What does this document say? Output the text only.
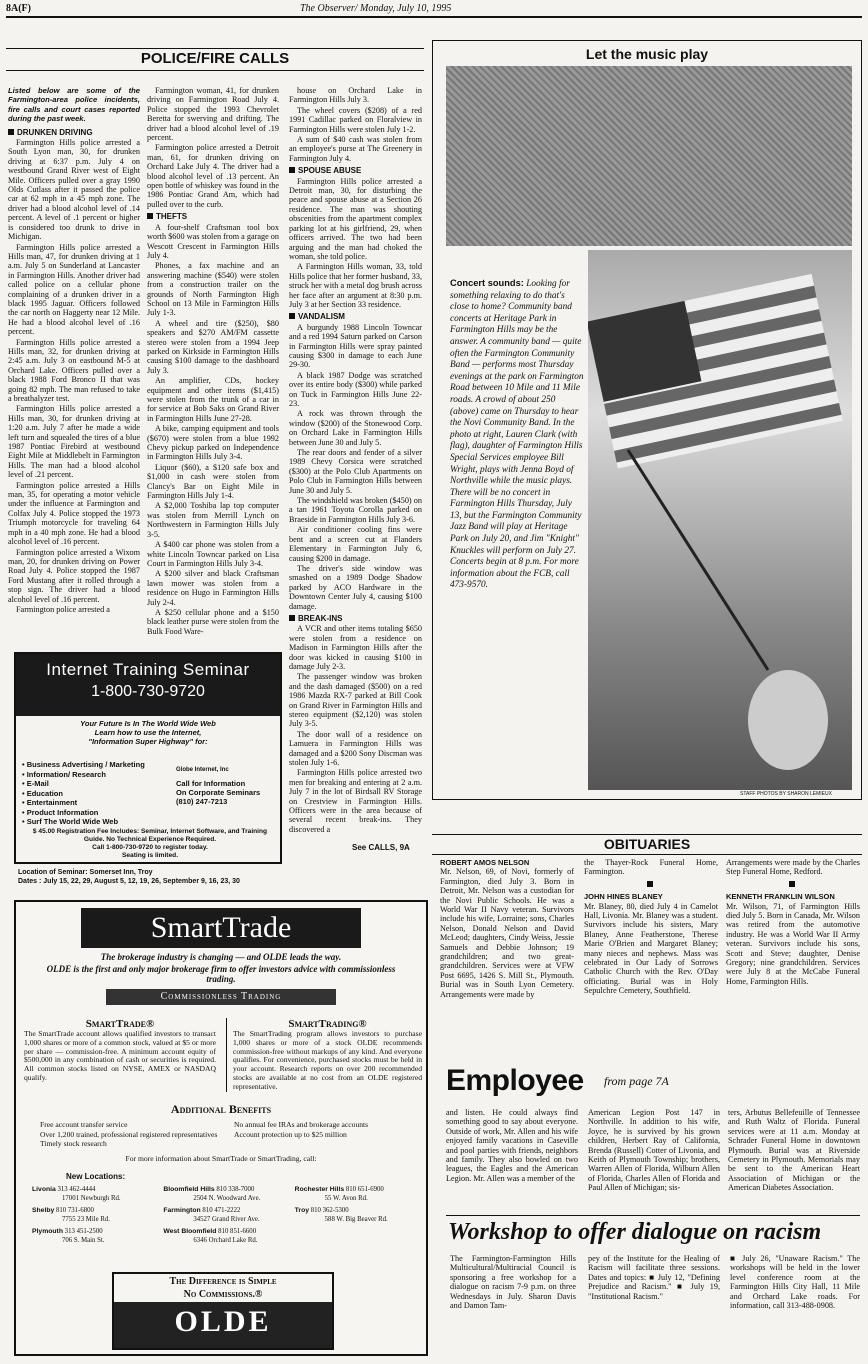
8A(F)	The Observer/ Monday, July 10, 1995
POLICE/FIRE CALLS

Listed below are some of the Farmington-area police incidents, fire calls and court cases reported during the past week.

DRUNKEN DRIVING

Farmington Hills police arrested a South Lyon man, 30, for drunken driving at 6:37 p.m. July 4 on westbound Grand River west of Eight Mile. Officers pulled over a gray 1990 Olds Cutlass after it passed the police car at 62 mph in a 45 mph zone. The driver had a blood alcohol level of .14 percent. A level of .1 percent or higher is considered too drunk to drive in Michigan.

Farmington Hills police arrested a Hills man, 47, for drunken driving at 1 a.m. July 5 on Sunderland at Lancaster in Farmington Hills. Another driver had called police on a cellular phone complaining of a drunken driver in a black 1995 Jaguar. Officers followed the car north on Haggerty near 12 Mile. He had a blood alcohol level of .16 percent.

Farmington Hills police arrested a Hills man, 32, for drunken driving at 2:45 a.m. July 3 on eastbound M-5 at Orchard Lake. Officers pulled over a black 1988 Ford Bronco II that was going 82 mph. The man refused to take a breathalyzer test.

Farmington Hills police arrested a Hills man, 30, for drunken driving at 1:20 a.m. July 7 after he made a wide left turn and squealed the tires of a blue 1987 Pontiac Firebird at westbound Eight Mile at Middlebelt in Farmington Hills. The man had a blood alcohol level of .21 percent.

Farmington police arrested a Hills man, 35, for operating a motor vehicle under the influence at Farmington and Colfax July 4. Police stopped the 1973 Triumph motorcycle for traveling 64 mph in a 40 mph zone. He had a blood alcohol level of .16 percent.

Farmington police arrested a Wixom man, 20, for drunken driving on Power Road July 4. Police stopped the 1987 Ford Mustang after it rolled through a stop sign. The driver had a blood alcohol level of .16 percent.

Farmington police arrested a

Farmington woman, 41, for drunken driving on Farmington Road July 4. Police stopped the 1993 Chevrolet Beretta for swerving and drifting. The driver had a blood alcohol level of .19 percent.

Farmington police arrested a Detroit man, 61, for drunken driving on Orchard Lake July 4. The driver had a blood alcohol level of .13 percent. An open bottle of whiskey was found in the 1986 Pontiac Grand Am, which had pulled over to the curb.

THEFTS

A four-shelf Craftsman tool box worth $600 was stolen from a garage on Wescott Crescent in Farmington Hills July 4.

Phones, a fax machine and an answering machine ($540) were stolen from a construction trailer on the grounds of North Farmington High School on 13 Mile in Farmington Hills July 1-3.

A wheel and tire ($250), $80 speakers and $270 AM/FM cassette stereo were stolen from a 1994 Jeep parked on Kirkside in Farmington Hills causing $100 damage to the dashboard July 3.

An amplifier, CDs, hockey equipment and other items ($1,415) were stolen from the trunk of a car in for service at Bob Saks on Grand River in Farmington Hills June 27-28.

A bike, camping equipment and tools ($670) were stolen from a blue 1992 Chevy pickup parked on Independence in Farmington Hills July 3-4.

Liquor ($60), a $120 safe box and $1,000 in cash were stolen from Clancy's Bar on Eight Mile in Farmington Hills July 1-4.

A $2,000 Toshiba lap top computer was stolen from Merrill Lynch on Northwestern in Farmington Hills July 3-5.

A $400 car phone was stolen from a white Lincoln Towncar parked on Lisa Court in Farmington Hills July 3-4.

A $200 silver and black Craftsman lawn mower was stolen from a residence on Hugo in Farmington Hills July 2-4.

A $250 cellular phone and a $150 black leather purse were stolen from the Bulk Food Ware-

house on Orchard Lake in Farmington Hills July 3.

The wheel covers ($208) of a red 1991 Cadillac parked on Floralview in Farmington Hills were stolen July 1-2.

A sum of $40 cash was stolen from an employee's purse at The Greenery in Farmington July 4.

SPOUSE ABUSE

Farmington Hills police arrested a Detroit man, 30, for disturbing the peace and spouse abuse at a Section 26 residence. The man was shouting obscenities from the apartment complex parking lot at his girlfriend, 29, when officers arrived. The two had been arguing and the man had choked the woman, she told police.

A Farmington Hills woman, 33, told Hills police that her former husband, 33, struck her with a metal dog brush across her face after an argument at 8:30 p.m. July 3 at her Section 33 residence.

VANDALISM

A burgundy 1988 Lincoln Towncar and a red 1994 Saturn parked on Carson in Farmington Hills were spray painted causing $300 in damage to each June 29-30.

A black 1987 Dodge was scratched over its entire body ($300) while parked on Tuck in Farmington Hills June 22-23.

A rock was thrown through the window ($200) of the Stonewood Corp. on Orchard Lake in Farmington Hills between June 30 and July 5.

The rear doors and fender of a silver 1989 Chevy Corsica were scratched ($300) at the Polo Club Apartments on Polo Club in Farmington Hills between June 30 and July 5.

The windshield was broken ($450) on a tan 1961 Toyota Corolla parked on Braeside in Farmington Hills July 3-6.

Air conditioner cooling fins were bent and a screen cut at Flanders Elementary in Farmington July 6, causing $200 in damage.

The driver's side window was smashed on a 1989 Dodge Shadow parked by ACO Hardware in the Downtown Center July 4, causing $100 damage.

BREAK-INS

A VCR and other items totaling $650 were stolen from a residence on Madison in Farmington Hills after the door was kicked in causing $100 in damage July 2-3.

The passenger window was broken and the dash damaged ($500) on a red 1986 Mazda RX-7 parked at Bill Cook on Grand River in Farmington Hills and stereo equipment ($2,120) was stolen July 3-5.

The door wall of a residence on Lamuera in Farmington Hills was damaged and a $200 Sony Discman was stolen July 1-6.

Farmington Hills police arrested two men for breaking and entering at 2 a.m. July 7 in the lot of Birdsall RV Storage on Crestview in Farmington Hills. Officers were in the area because of several recent break-ins. They discovered a

See CALLS, 9A
Internet Training Seminar
1-800-730-9720
Your Future Is In The World Wide Web
Learn how to use the Internet,
"Information Super Highway" for:
• Business Advertising / Marketing
• Information/ Research
• E-Mail
• Education
• Entertainment
• Product Information
• Surf The World Wide Web
Globe Internet, Inc
Call for Information
On Corporate Seminars
(810) 247-7213
$ 45.00 Registration Fee Includes: Seminar, Internet Software, and Training Guide. No Technical Experience Required.
Call 1-800-730-9720 to register today.
Seating is limited.
Location of Seminar: Somerset Inn, Troy
Dates : July 15, 22, 29, August 5, 12, 19, 26, September 9, 16, 23, 30
Let the music play
Concert sounds: Looking for something relaxing to do that's close to home? Community band concerts at Heritage Park in Farmington Hills may be the answer. A community band — quite often the Farmington Community Band — performs most Thursday evenings at the park on Farmington Road between 10 Mile and 11 Mile roads. A crowd of about 250 (above) came on Thursday to hear the Novi Community Band. In the photo at right, Lauren Clark (with flag), daughter of Farmington Hills Special Services employee Bill Wright, plays with Jenna Boyd of Northville while the music plays. There will be no concert in Farmington Hills Thursday, July 13, but the Farmington Community Jazz Band will play at Heritage Park on July 20, and Jim "Knight" Knuckles will perform on July 27. Concerts begin at 8 p.m. For more information about the FCB, call 473-9570.
STAFF PHOTOS BY SHARON LEMIEUX
OBITUARIES
ROBERT AMOS NELSON

Mr. Nelson, 69, of Novi, formerly of Farmington, died July 3. Born in Detroit, Mr. Nelson was a custodian for the Novi Public Schools. He was a World War II Navy veteran. Survivors include his wife, Lorraine; sons, Charles Nelson, Donald Nelson and David McLeod; daughters, Cindy Weiss, Jessie Samuels and Debbie Johnson; 19 grandchildren; and two great-grandchildren. Services were at VFW Post 6695, 1426 S. Mill St., Plymouth. Burial was in South Lyon Cemetery. Arrangements were made by

the Thayer-Rock Funeral Home, Farmington.

JOHN HINES BLANEY

Mr. Blaney, 80, died July 4 in Camelot Hall, Livonia. Mr. Blaney was a student. Survivors include his sisters, Mary Blaney, Anne Featherstone, Therese Marie O'Brien and Margaret Blaney; many nieces and nephews. Mass was celebrated in Our Lady of Sorrows Catholic Church with the Rev. O'Day officiating. Burial was in Holy Sepulchre Cemetery, Southfield.

Arrangements were made by the Charles Step Funeral Home, Redford.

KENNETH FRANKLIN WILSON

Mr. Wilson, 71, of Farmington Hills died July 5. Born in Canada, Mr. Wilson was retired from the automotive industry. He was a World War II Army veteran. Survivors include his sons, Scott and Steve; daughter, Denise Gregory; nine grandchildren. Services were July 8 at the McCabe Funeral Home, Farmington Hills.

Employee from page 7A

and listen. He could always find something good to say about everyone. Outside of work, Mr. Allen and his wife enjoyed family vacations in Caseville and pool parties with friends, neighbors and family. They also bowled on two leagues, the Eagles and the American Legion. Mr. Allen was a member of the

American Legion Post 147 in Northville. In addition to his wife, Joyce, he is survived by his grown children, Herbert Ray of California, Brenda (Russell) Cotter of Livonia, and Keith of Plymouth Township; brothers, Warren Allen of Florida, Wilburn Allen of Florida, Charles Allen of Florida and Paul Allen of Michigan; sis-

ters, Arbutus Bellefeuille of Tennessee and Ruth Waltz of Florida. Funeral services were at 11 a.m. Monday at Schrader Funeral Home in downtown Plymouth. Burial was at Riverside Cemetery in Plymouth. Memorials may be sent to the American Heart Association of Michigan or the American Diabetes Association.

Workshop to offer dialogue on racism

The Farmington-Farmington Hills Multicultural/Multiracial Council is sponsoring a free workshop for a dialogue on racism 7-9 p.m. on three Wednesdays in July. Sharon Davis and Damon Tam-

pey of the Institute for the Healing of Racism will facilitate three sessions. Dates and topics: ■ July 12, "Defining Prejudice and Racism." ■ July 19, "Institutional Racism."

■ July 26, "Unaware Racism." The workshops will be held in the lower level conference room at the Farmington Hills City Hall, 11 Mile and Orchard Lake roads. For information, call 313-488-0908.

SmartTrade
The brokerage industry is changing — and OLDE leads the way.
OLDE is the first and only major brokerage firm to offer investors advice with commissionless trading.
Commissionless Trading
SmartTrade®
The SmartTrade account allows qualified investors to transact 1,000 shares or more of a common stock, valued at $5 or more per share — commission-free. A minimum account equity of $500,000 in any combination of cash or securities is required. All common stocks listed on NYSE, AMEX or NASDAQ qualify.
SmartTrading®
The SmartTrading program allows investors to purchase 1,000 shares or more of a stock OLDE recommends commission-free without markups of any kind. And everyone qualifies. For convenience, purchased stocks must be held in your account. Research reports on over 200 recommended stocks are available at no cost from an OLDE registered representative.
Additional Benefits
Free account transfer service
Over 1,200 trained, professional registered representatives
Timely stock research
No annual fee IRAs and brokerage accounts
Account protection up to $25 million
For more information about SmartTrade or SmartTrading, call:
New Locations:
Livonia 313 462-4444
17001 Newburgh Rd.
Bloomfield Hills 810 338-7000
2504 N. Woodward Ave.
Rochester Hills 810 651-6900
55 W. Avon Rd.
Shelby 810 731-6800
7755 23 Mile Rd.
Farmington 810 471-2222
34527 Grand River Ave.
Troy 810 362-5300
588 W. Big Beaver Rd.
Plymouth 313 451-2500
706 S. Main St.
West Bloomfield 810 851-6600
6346 Orchard Lake Rd.
The Difference is Simple
No Commissions.®
OLDE
